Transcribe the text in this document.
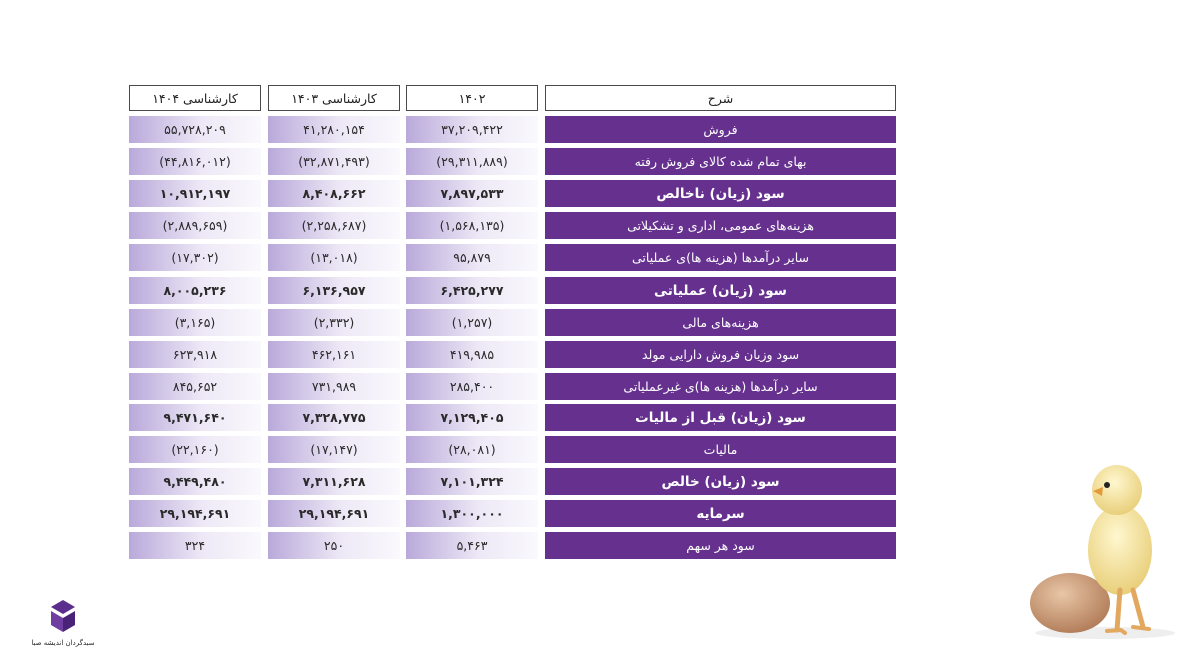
کارشناسی ۱۴۰۴	کارشناسی ۱۴۰۳	۱۴۰۲	شرح
۵۵,۷۲۸,۲۰۹	۴۱,۲۸۰,۱۵۴	۳۷,۲۰۹,۴۲۲	فروش
(۴۴,۸۱۶,۰۱۲)	(۳۲,۸۷۱,۴۹۳)	(۲۹,۳۱۱,۸۸۹)	بهای تمام شده کالای فروش رفته
۱۰,۹۱۲,۱۹۷	۸,۴۰۸,۶۶۲	۷,۸۹۷,۵۳۳	سود (زیان) ناخالص
(۲,۸۸۹,۶۵۹)	(۲,۲۵۸,۶۸۷)	(۱,۵۶۸,۱۳۵)	هزینه‌های عمومی، اداری و تشکیلاتی
(۱۷,۳۰۲)	(۱۳,۰۱۸)	۹۵,۸۷۹	سایر درآمدها (هزینه ها)ی عملیاتی
۸,۰۰۵,۲۳۶	۶,۱۳۶,۹۵۷	۶,۴۲۵,۲۷۷	سود (زیان) عملیاتی
(۳,۱۶۵)	(۲,۳۳۲)	(۱,۲۵۷)	هزینه‌های مالی
۶۲۳,۹۱۸	۴۶۲,۱۶۱	۴۱۹,۹۸۵	سود وزیان فروش دارایی مولد
۸۴۵,۶۵۲	۷۳۱,۹۸۹	۲۸۵,۴۰۰	سایر درآمدها (هزینه ها)ی غیرعملیاتی
۹,۴۷۱,۶۴۰	۷,۳۲۸,۷۷۵	۷,۱۲۹,۴۰۵	سود (زیان) قبل از مالیات
(۲۲,۱۶۰)	(۱۷,۱۴۷)	(۲۸,۰۸۱)	مالیات
۹,۴۴۹,۴۸۰	۷,۳۱۱,۶۲۸	۷,۱۰۱,۳۲۴	سود (زیان) خالص
۲۹,۱۹۴,۶۹۱	۲۹,۱۹۴,۶۹۱	۱,۳۰۰,۰۰۰	سرمایه
۳۲۴	۲۵۰	۵,۴۶۳	سود هر سهم
سبدگردان اندیشه صبا
